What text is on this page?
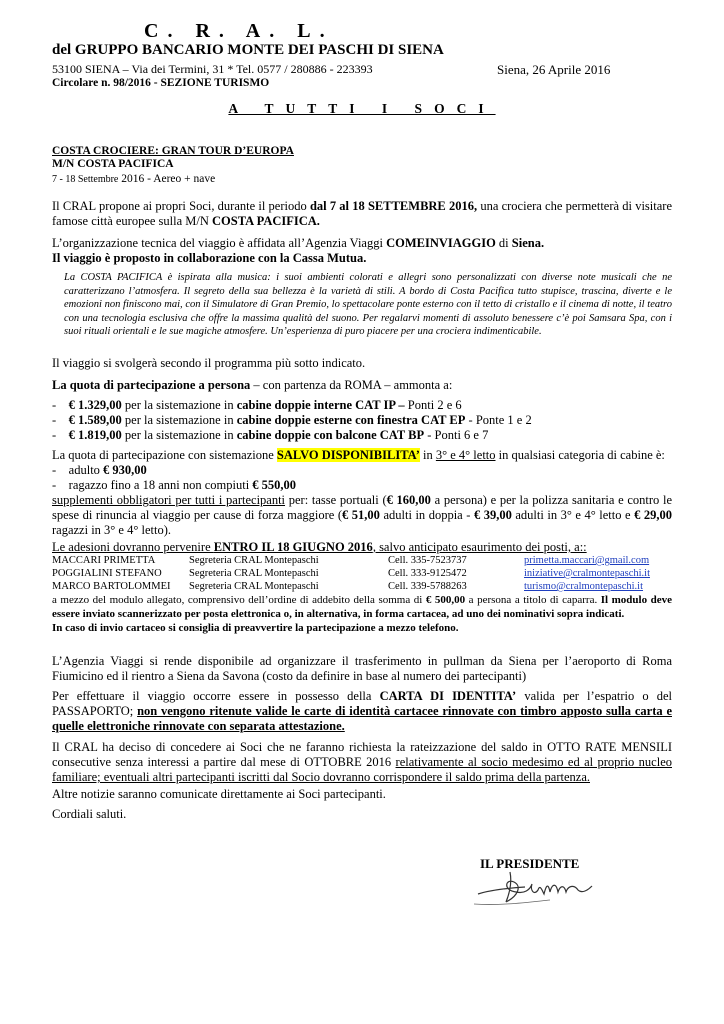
C. R. A. L.
del GRUPPO BANCARIO MONTE DEI PASCHI DI SIENA
53100 SIENA – Via dei Termini, 31 * Tel. 0577 / 280886 - 223393	Siena, 26 Aprile 2016
Circolare n. 98/2016 - SEZIONE TURISMO
A TUTTI I SOCI
COSTA CROCIERE: GRAN TOUR D’EUROPA
M/N COSTA PACIFICA
7 - 18 Settembre 2016 - Aereo + nave
Il CRAL propone ai propri Soci, durante il periodo dal 7 al 18 SETTEMBRE 2016, una crociera che permetterà di visitare famose città europee sulla M/N COSTA PACIFICA.
L’organizzazione tecnica del viaggio è affidata all’Agenzia Viaggi COMEINVIAGGIO di Siena.
Il viaggio è proposto in collaborazione con la Cassa Mutua.
La COSTA PACIFICA è ispirata alla musica: i suoi ambienti colorati e allegri sono personalizzati con diverse note musicali che ne caratterizzano l’atmosfera. Il segreto della sua bellezza è la varietà di stili. A bordo di Costa Pacifica tutto stupisce, trascina, diverte e le emozioni non finiscono mai, con il Simulatore di Gran Premio, lo spettacolare ponte esterno con il tetto di cristallo e il cinema di notte, il teatro con una tecnologia esclusiva che offre la massima qualità del suono. Per regalarvi momenti di assoluto benessere c’è poi Samsara Spa, con i suoi rituali orientali e le sue magiche atmosfere. Un’esperienza di puro piacere per una crociera indimenticabile.
Il viaggio si svolgerà secondo il programma più sotto indicato.
La quota di partecipazione a persona – con partenza da ROMA – ammonta a:
-    € 1.329,00 per la sistemazione in cabine doppie interne CAT IP – Ponti 2 e 6
-    € 1.589,00 per la sistemazione in cabine doppie esterne con finestra CAT EP - Ponte 1 e 2
-    € 1.819,00 per la sistemazione in cabine doppie con balcone CAT BP - Ponti 6 e 7
La quota di partecipazione con sistemazione SALVO DISPONIBILITA’ in 3° e 4° letto in qualsiasi categoria di cabine è:
-    adulto € 930,00
-    ragazzo fino a 18 anni non compiuti € 550,00
supplementi obbligatori per tutti i partecipanti per: tasse portuali (€ 160,00 a persona) e per la polizza sanitaria e contro le spese di rinuncia al viaggio per cause di forza maggiore (€ 51,00 adulti in doppia - € 39,00 adulti in 3° e 4° letto e € 29,00 ragazzi in 3° e 4° letto).
Le adesioni dovranno pervenire ENTRO IL 18 GIUGNO 2016, salvo anticipato esaurimento dei posti, a::
MACCARI PRIMETTA	Segreteria CRAL Montepaschi	Cell. 335-7523737	primetta.maccari@gmail.com
POGGIALINI STEFANO	Segreteria CRAL Montepaschi	Cell. 333-9125472	iniziative@cralmontepaschi.it
MARCO BARTOLOMMEI Segreteria CRAL Montepaschi	Cell. 339-5788263	turismo@cralmontepaschi.it
a mezzo del modulo allegato, comprensivo dell’ordine di addebito della somma di € 500,00 a persona a titolo di caparra. Il modulo deve essere inviato scannerizzato per posta elettronica o, in alternativa, in forma cartacea, ad uno dei nominativi sopra indicati.
In caso di invio cartaceo si consiglia di preavvertire la partecipazione a mezzo telefono.
L’Agenzia Viaggi si rende disponibile ad organizzare il trasferimento in pullman da Siena per l’aeroporto di Roma Fiumicino ed il rientro a Siena da Savona (costo da definire in base al numero dei partecipanti)
Per effettuare il viaggio occorre essere in possesso della CARTA DI IDENTITA’ valida per l’espatrio o del PASSAPORTO; non vengono ritenute valide le carte di identità cartacee rinnovate con timbro apposto sulla carta e quelle elettroniche rinnovate con separata attestazione.
Il CRAL ha deciso di concedere ai Soci che ne faranno richiesta la rateizzazione del saldo in OTTO RATE MENSILI consecutive senza interessi a partire dal mese di OTTOBRE 2016 relativamente al socio medesimo ed al proprio nucleo familiare; eventuali altri partecipanti iscritti dal Socio dovranno corrispondere il saldo prima della partenza.
Altre notizie saranno comunicate direttamente ai Soci partecipanti.
Cordiali saluti.
IL PRESIDENTE
